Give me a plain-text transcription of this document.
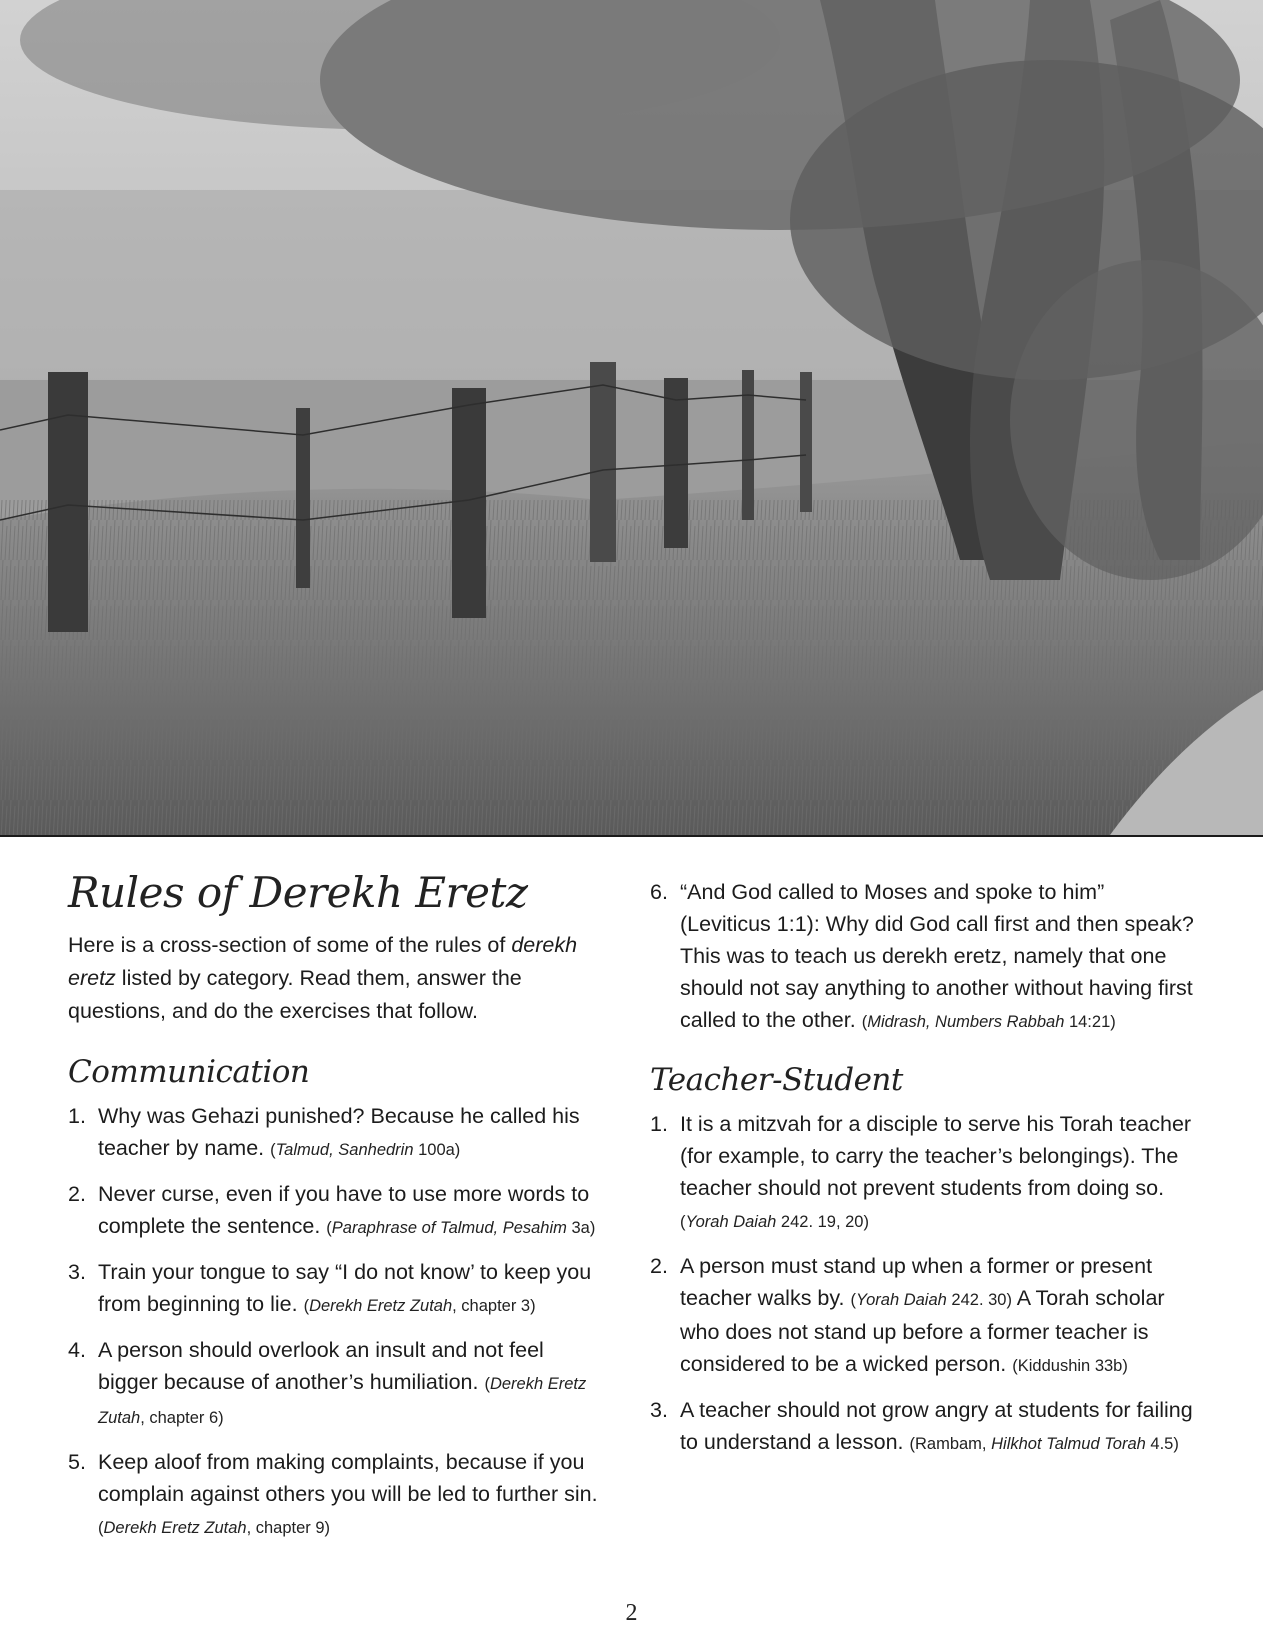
Rules of Derekh Eretz

Here is a cross-section of some of the rules of derekh eretz listed by category. Read them, answer the questions, and do the exercises that follow.

Communication
1. Why was Gehazi punished? Because he called his teacher by name. (Talmud, Sanhedrin 100a)
2. Never curse, even if you have to use more words to complete the sentence. (Paraphrase of Talmud, Pesahim 3a)
3. Train your tongue to say “I do not know’ to keep you from beginning to lie. (Derekh Eretz Zutah, chapter 3)
4. A person should overlook an insult and not feel bigger because of another’s humiliation. (Derekh Eretz Zutah, chapter 6)
5. Keep aloof from making complaints, because if you complain against others you will be led to further sin. (Derekh Eretz Zutah, chapter 9)
6. “And God called to Moses and spoke to him” (Leviticus 1:1): Why did God call first and then speak? This was to teach us derekh eretz, namely that one should not say anything to another without having first called to the other. (Midrash, Numbers Rabbah 14:21)
Teacher-Student
1. It is a mitzvah for a disciple to serve his Torah teacher (for example, to carry the teacher’s belongings). The teacher should not prevent students from doing so. (Yorah Daiah 242. 19, 20)
2. A person must stand up when a former or present teacher walks by. (Yorah Daiah 242. 30) A Torah scholar who does not stand up before a former teacher is considered to be a wicked person. (Kiddushin 33b)
3. A teacher should not grow angry at students for failing to understand a lesson. (Rambam, Hilkhot Talmud Torah 4.5)
2
